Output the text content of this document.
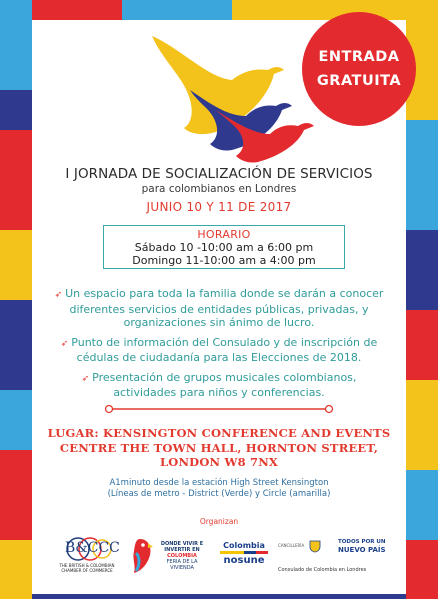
ENTRADA
GRATUITA
I JORNADA DE SOCIALIZACIÓN DE SERVICIOS
para colombianos en Londres
JUNIO 10 Y 11 DE 2017
HORARIO
Sábado 10 -10:00 am a 6:00 pm
Domingo 11-10:00 am a 4:00 pm
➶ Un espacio para toda la familia donde se darán a conocer diferentes servicios de entidades públicas, privadas, y organizaciones sin ánimo de lucro.
➶ Punto de información del Consulado y de inscripción de cédulas de ciudadanía para las Elecciones de 2018.
➶ Presentación de grupos musicales colombianos, actividades para niños y conferencias.
LUGAR: KENSINGTON CONFERENCE AND EVENTS
CENTRE THE TOWN HALL, HORNTON STREET,
LONDON W8 7NX
A1minuto desde la estación High Street Kensington
(Líneas de metro - District (Verde) y Circle (amarilla)
Organizan
B&CCC
THE BRITISH & COLOMBIAN
CHAMBER OF COMMERCE
DONDE VIVIR E INVERTIR EN
COLOMBIA
FERIA DE LA VIVIENDA
Colombia
nosune
CANCILLERÍA
TODOS POR UN
NUEVO PAÍS
Consulado de Colombia en Londres
